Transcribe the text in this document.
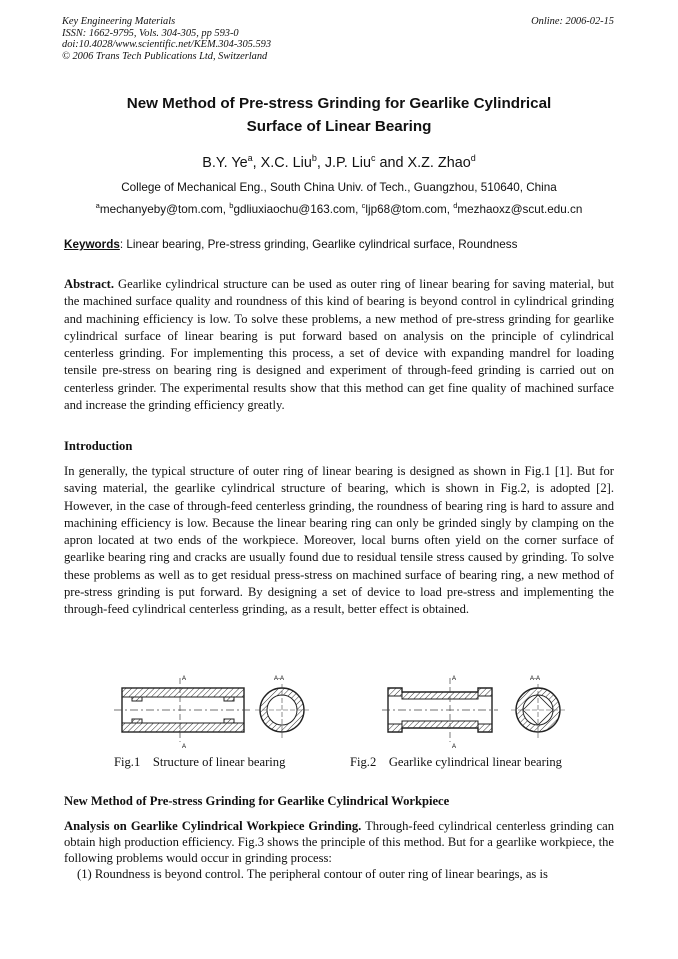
Key Engineering Materials
ISSN: 1662-9795, Vols. 304-305, pp 593-0
doi:10.4028/www.scientific.net/KEM.304-305.593
© 2006 Trans Tech Publications Ltd, Switzerland
Online: 2006-02-15
New Method of Pre-stress Grinding for Gearlike Cylindrical
Surface of Linear Bearing
B.Y. Ye$^a$, X.C. Liu$^b$, J.P. Liu$^c$ and X.Z. Zhao$^d$
College of Mechanical Eng., South China Univ. of Tech., Guangzhou, 510640, China
$^a$mechanyeby@tom.com, $^b$gdliuxiaochu@163.com, $^c$ljp68@tom.com, $^d$mezhaoxz@scut.edu.cn
Keywords: Linear bearing, Pre-stress grinding, Gearlike cylindrical surface, Roundness
Abstract. Gearlike cylindrical structure can be used as outer ring of linear bearing for saving material, but the machined surface quality and roundness of this kind of bearing is beyond control in cylindrical grinding and machining efficiency is low. To solve these problems, a new method of pre-stress grinding for gearlike cylindrical surface of linear bearing is put forward based on analysis on the principle of cylindrical centerless grinding. For implementing this process, a set of device with expanding mandrel for loading tensile pre-stress on bearing ring is designed and experiment of through-feed grinding is carried out on centerless grinder. The experimental results show that this method can get fine quality of machined surface and increase the grinding efficiency greatly.
Introduction
In generally, the typical structure of outer ring of linear bearing is designed as shown in Fig.1 [1]. But for saving material, the gearlike cylindrical structure of bearing, which is shown in Fig.2, is adopted [2]. However, in the case of through-feed centerless grinding, the roundness of bearing ring is hard to assure and machining efficiency is low. Because the linear bearing ring can only be grinded singly by clamping on the apron located at two ends of the workpiece. Moreover, local burns often yield on the corner surface of gearlike bearing ring and cracks are usually found due to residual tensile stress caused by grinding. To solve these problems as well as to get residual press-stress on machined surface of bearing ring, a new method of pre-stress grinding is put forward. By designing a set of device to load pre-stress and implementing the through-feed cylindrical centerless grinding, as a result, better effect is obtained.
A
A
A-A	A
A
A-A
Fig.1    Structure of linear bearing	Fig.2    Gearlike cylindrical linear bearing
New Method of Pre-stress Grinding for Gearlike Cylindrical Workpiece
Analysis on Gearlike Cylindrical Workpiece Grinding. Through-feed cylindrical centerless grinding can obtain high production efficiency. Fig.3 shows the principle of this method. But for a gearlike workpiece, the following problems would occur in grinding process:
(1) Roundness is beyond control. The peripheral contour of outer ring of linear bearings, as is
